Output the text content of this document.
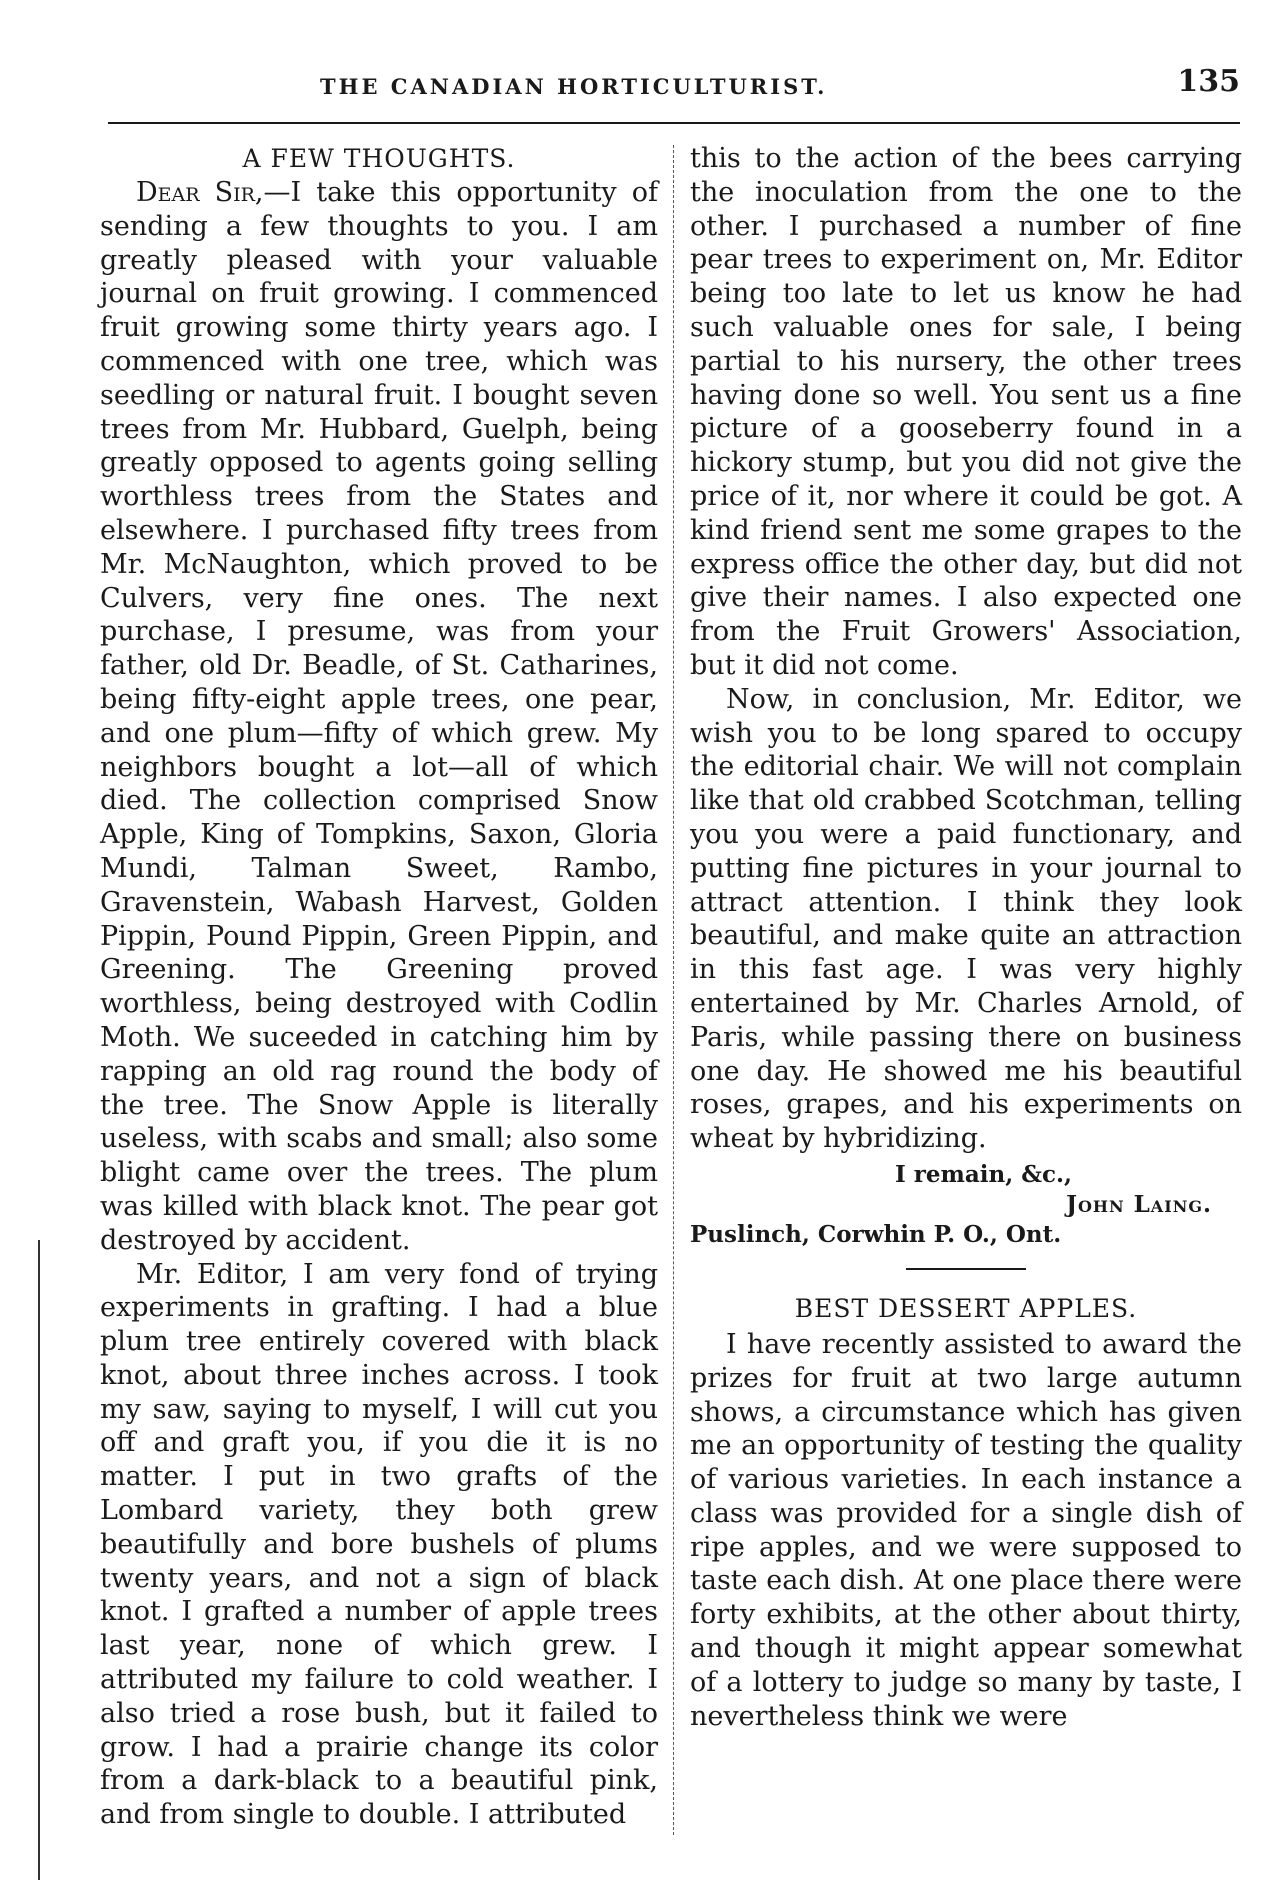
THE CANADIAN HORTICULTURIST.	135
A FEW THOUGHTS.

Dear Sir,—I take this opportunity of sending a few thoughts to you. I am greatly pleased with your valuable journal on fruit growing. I commenced fruit growing some thirty years ago. I commenced with one tree, which was seedling or natural fruit. I bought seven trees from Mr. Hubbard, Guelph, being greatly opposed to agents going selling worthless trees from the States and elsewhere. I purchased fifty trees from Mr. McNaughton, which proved to be Culvers, very fine ones. The next purchase, I presume, was from your father, old Dr. Beadle, of St. Catharines, being fifty-eight apple trees, one pear, and one plum—fifty of which grew. My neighbors bought a lot—all of which died. The collection comprised Snow Apple, King of Tompkins, Saxon, Gloria Mundi, Talman Sweet, Rambo, Gravenstein, Wabash Harvest, Golden Pippin, Pound Pippin, Green Pippin, and Greening. The Greening proved worthless, being destroyed with Codlin Moth. We suceeded in catching him by rapping an old rag round the body of the tree. The Snow Apple is literally useless, with scabs and small; also some blight came over the trees. The plum was killed with black knot. The pear got destroyed by accident.

Mr. Editor, I am very fond of trying experiments in grafting. I had a blue plum tree entirely covered with black knot, about three inches across. I took my saw, saying to myself, I will cut you off and graft you, if you die it is no matter. I put in two grafts of the Lombard variety, they both grew beautifully and bore bushels of plums twenty years, and not a sign of black knot. I grafted a number of apple trees last year, none of which grew. I attributed my failure to cold weather. I also tried a rose bush, but it failed to grow. I had a prairie change its color from a dark-black to a beautiful pink, and from single to double. I attributed

this to the action of the bees carrying the inoculation from the one to the other. I purchased a number of fine pear trees to experiment on, Mr. Editor being too late to let us know he had such valuable ones for sale, I being partial to his nursery, the other trees having done so well. You sent us a fine picture of a gooseberry found in a hickory stump, but you did not give the price of it, nor where it could be got. A kind friend sent me some grapes to the express office the other day, but did not give their names. I also expected one from the Fruit Growers' Association, but it did not come.

Now, in conclusion, Mr. Editor, we wish you to be long spared to occupy the editorial chair. We will not complain like that old crabbed Scotchman, telling you you were a paid functionary, and putting fine pictures in your journal to attract attention. I think they look beautiful, and make quite an attraction in this fast age. I was very highly entertained by Mr. Charles Arnold, of Paris, while passing there on business one day. He showed me his beautiful roses, grapes, and his experiments on wheat by hybridizing.

I remain, &c.,
John Laing.

Puslinch, Corwhin P. O., Ont.

BEST DESSERT APPLES.

I have recently assisted to award the prizes for fruit at two large autumn shows, a circumstance which has given me an opportunity of testing the quality of various varieties. In each instance a class was provided for a single dish of ripe apples, and we were supposed to taste each dish. At one place there were forty exhibits, at the other about thirty, and though it might appear somewhat of a lottery to judge so many by taste, I nevertheless think we were
